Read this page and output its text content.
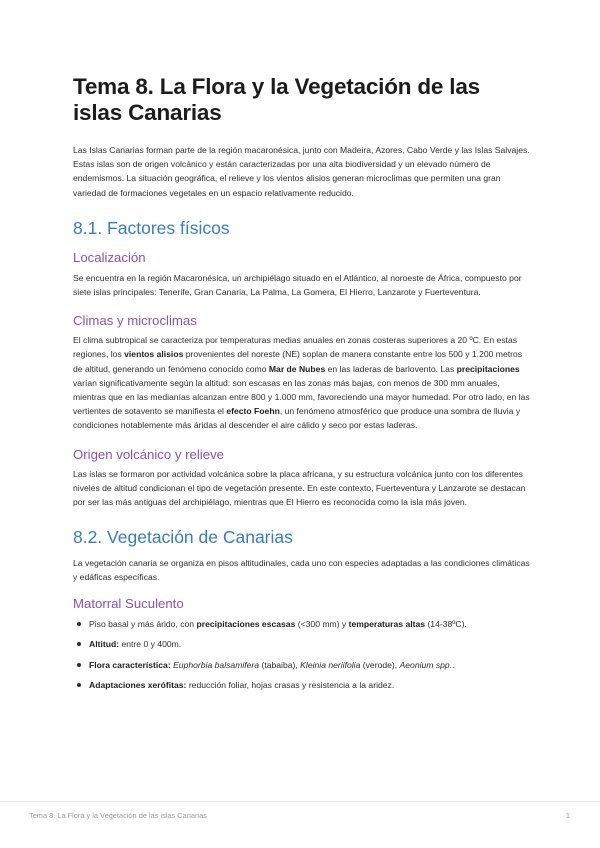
Tema 8. La Flora y la Vegetación de las islas Canarias

Las Islas Canarias forman parte de la región macaronésica, junto con Madeira, Azores, Cabo Verde y las Islas Salvajes. Estas islas son de origen volcánico y están caracterizadas por una alta biodiversidad y un elevado número de endemismos. La situación geográfica, el relieve y los vientos alisios generan microclimas que permiten una gran variedad de formaciones vegetales en un espacio relativamente reducido.

8.1. Factores físicos
Localización

Se encuentra en la región Macaronésica, un archipiélago situado en el Atlántico, al noroeste de África, compuesto por siete islas principales: Tenerife, Gran Canaria, La Palma, La Gomera, El Hierro, Lanzarote y Fuerteventura.

Climas y microclimas

El clima subtropical se caracteriza por temperaturas medias anuales en zonas costeras superiores a 20 ºC. En estas regiones, los vientos alisios provenientes del noreste (NE) soplan de manera constante entre los 500 y 1.200 metros de altitud, generando un fenómeno conocido como Mar de Nubes en las laderas de barlovento. Las precipitaciones varían significativamente según la altitud: son escasas en las zonas más bajas, con menos de 300 mm anuales, mientras que en las medianías alcanzan entre 800 y 1.000 mm, favoreciendo una mayor humedad. Por otro lado, en las vertientes de sotavento se manifiesta el efecto Foehn, un fenómeno atmosférico que produce una sombra de lluvia y condiciones notablemente más áridas al descender el aire cálido y seco por estas laderas.

Origen volcánico y relieve

Las islas se formaron por actividad volcánica sobre la placa africana, y su estructura volcánica junto con los diferentes niveles de altitud condicionan el tipo de vegetación presente. En este contexto, Fuerteventura y Lanzarote se destacan por ser las más antiguas del archipiélago, mientras que El Hierro es reconocida como la isla más joven.

8.2. Vegetación de Canarias

La vegetación canaria se organiza en pisos altitudinales, cada uno con especies adaptadas a las condiciones climáticas y edáficas específicas.

Matorral Suculento
Piso basal y más árido, con precipitaciones escasas (<300 mm) y temperaturas altas (14-38ºC).
Altitud: entre 0 y 400m.
Flora característica: Euphorbia balsamifera (tabaiba), Kleinia neriifolia (verode), Aeonium spp..
Adaptaciones xerófitas: reducción foliar, hojas crasas y resistencia a la aridez.
Tema 8. La Flora y la Vegetación de las islas Canarias	1
